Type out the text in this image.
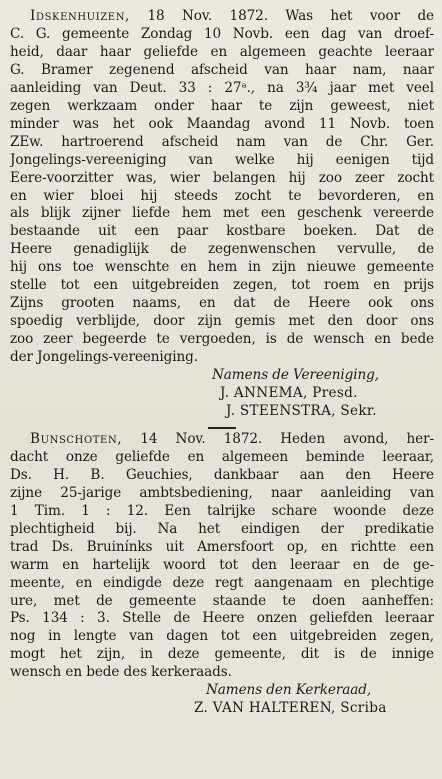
Idskenhuizen, 18 Nov. 1872. Was het voor de
C. G. gemeente Zondag 10 Novb. een dag van droef-
heid, daar haar geliefde en algemeen geachte leeraar
G. Bramer zegenend afscheid van haar nam, naar
aanleiding van Deut. 33 : 27ᵃ., na 3¾ jaar met veel
zegen werkzaam onder haar te zijn geweest, niet
minder was het ook Maandag avond 11 Novb. toen
ZEw. hartroerend afscheid nam van de Chr. Ger.
Jongelings-vereeniging van welke hij eenigen tijd
Eere-voorzitter was, wier belangen hij zoo zeer zocht
en wier bloei hij steeds zocht te bevorderen, en
als blijk zijner liefde hem met een geschenk vereerde
bestaande uit een paar kostbare boeken. Dat de
Heere genadiglijk de zegenwenschen vervulle, de
hij ons toe wenschte en hem in zijn nieuwe gemeente
stelle tot een uitgebreiden zegen, tot roem en prijs
Zijns grooten naams, en dat de Heere ook ons
spoedig verblijde, door zijn gemis met den door ons
zoo zeer begeerde te vergoeden, is de wensch en bede
der Jongelings-vereeniging.
Namens de Vereeniging,
J. ANNEMA, Presd.
J. STEENSTRA, Sekr.
Bunschoten, 14 Nov. 1872. Heden avond, her-
dacht onze geliefde en algemeen beminde leeraar,
Ds. H. B. Geuchies, dankbaar aan den Heere
zijne 25-jarige ambtsbediening, naar aanleiding van
1 Tim. 1 : 12. Een talrijke schare woonde deze
plechtigheid bij. Na het eindigen der predikatie
trad Ds. Bruinínks uit Amersfoort op, en richtte een
warm en hartelijk woord tot den leeraar en de ge-
meente, en eindigde deze regt aangenaam en plechtige
ure, met de gemeente staande te doen aanheffen:
Ps. 134 : 3. Stelle de Heere onzen geliefden leeraar
nog in lengte van dagen tot een uitgebreiden zegen,
mogt het zijn, in deze gemeente, dit is de innige
wensch en bede des kerkeraads.
Namens den Kerkeraad,
Z. VAN HALTEREN, Scriba
